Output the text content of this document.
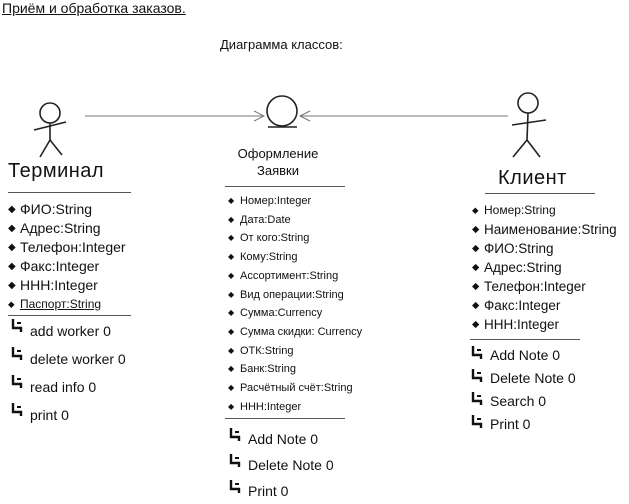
Приём и обработка заказов.
Диаграмма классов:
Терминал
◆ ФИО:String
◆ Адрес:String
◆ Телефон:Integer
◆ Факс:Integer
◆ ННН:Integer
◆ Паспорт:String
add worker 0
delete worker 0
read info 0
print 0
Оформление
Заявки
◆ Номер:Integer
◆ Дата:Date
◆ От кого:String
◆ Кому:String
◆ Ассортимент:String
◆ Вид операции:String
◆ Сумма:Currency
◆ Сумма скидки: Currency
◆ ОТК:String
◆ Банк:String
◆ Расчётный счёт:String
◆ ННН:Integer
Add Note 0
Delete Note 0
Print 0
Клиент
◆ Номер:String
◆ Наименование:String
◆ ФИО:String
◆ Адрес:String
◆ Телефон:Integer
◆ Факс:Integer
◆ ННН:Integer
Add Note 0
Delete Note 0
Search 0
Print 0
